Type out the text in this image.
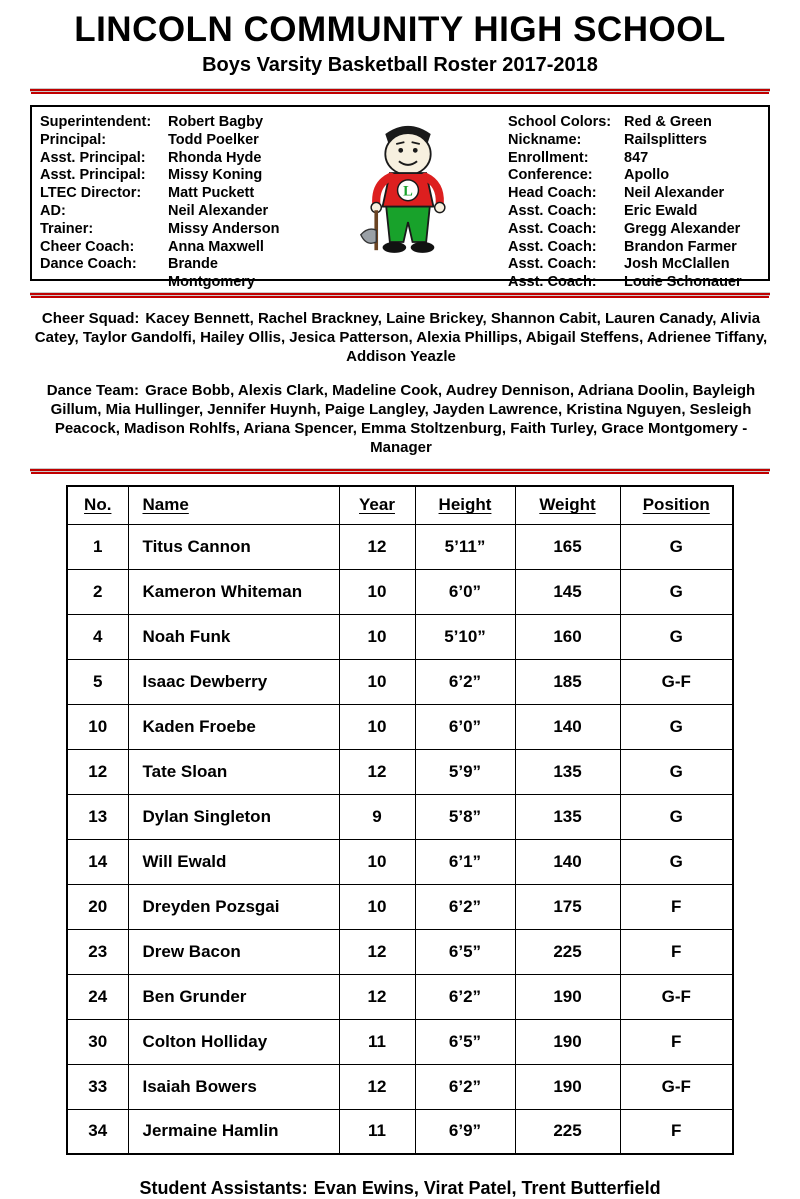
LINCOLN COMMUNITY HIGH SCHOOL
Boys Varsity Basketball Roster 2017-2018
Superintendent:	Robert Bagby
Principal:	Todd Poelker
Asst. Principal:	Rhonda Hyde
Asst. Principal:	Missy Koning
LTEC Director:	Matt Puckett
AD:	Neil Alexander
Trainer:	Missy Anderson
Cheer Coach:	Anna Maxwell
Dance Coach:	Brande Montgomery
L
School Colors: Red & Green
Nickname:	Railsplitters
Enrollment:	847
Conference:	Apollo
Head Coach:	Neil Alexander
Asst. Coach:	Eric Ewald
Asst. Coach:	Gregg Alexander
Asst. Coach:	Brandon Farmer
Asst. Coach:	Josh McClallen
Asst. Coach:	Louie Schonauer

Cheer Squad: Kacey Bennett, Rachel Brackney, Laine Brickey, Shannon Cabit, Lauren Canady, Alivia Catey, Taylor Gandolfi, Hailey Ollis, Jesica Patterson, Alexia Phillips, Abigail Steffens, Adrienee Tiffany, Addison Yeazle

Dance Team: Grace Bobb, Alexis Clark, Madeline Cook, Audrey Dennison, Adriana Doolin, Bayleigh Gillum, Mia Hullinger, Jennifer Huynh, Paige Langley, Jayden Lawrence, Kristina Nguyen, Sesleigh Peacock, Madison Rohlfs, Ariana Spencer, Emma Stoltzenburg, Faith Turley, Grace Montgomery - Manager

No.	Name	Year	Height	Weight	Position
1	Titus Cannon	12	5’11”	165	G
2	Kameron Whiteman	10	6’0”	145	G
4	Noah Funk	10	5’10”	160	G
5	Isaac Dewberry	10	6’2”	185	G-F
10	Kaden Froebe	10	6’0”	140	G
12	Tate Sloan	12	5’9”	135	G
13	Dylan Singleton	9	5’8”	135	G
14	Will Ewald	10	6’1”	140	G
20	Dreyden Pozsgai	10	6’2”	175	F
23	Drew Bacon	12	6’5”	225	F
24	Ben Grunder	12	6’2”	190	G-F
30	Colton Holliday	11	6’5”	190	F
33	Isaiah Bowers	12	6’2”	190	G-F
34	Jermaine Hamlin	11	6’9”	225	F
Student Assistants: Evan Ewins, Virat Patel, Trent Butterfield
